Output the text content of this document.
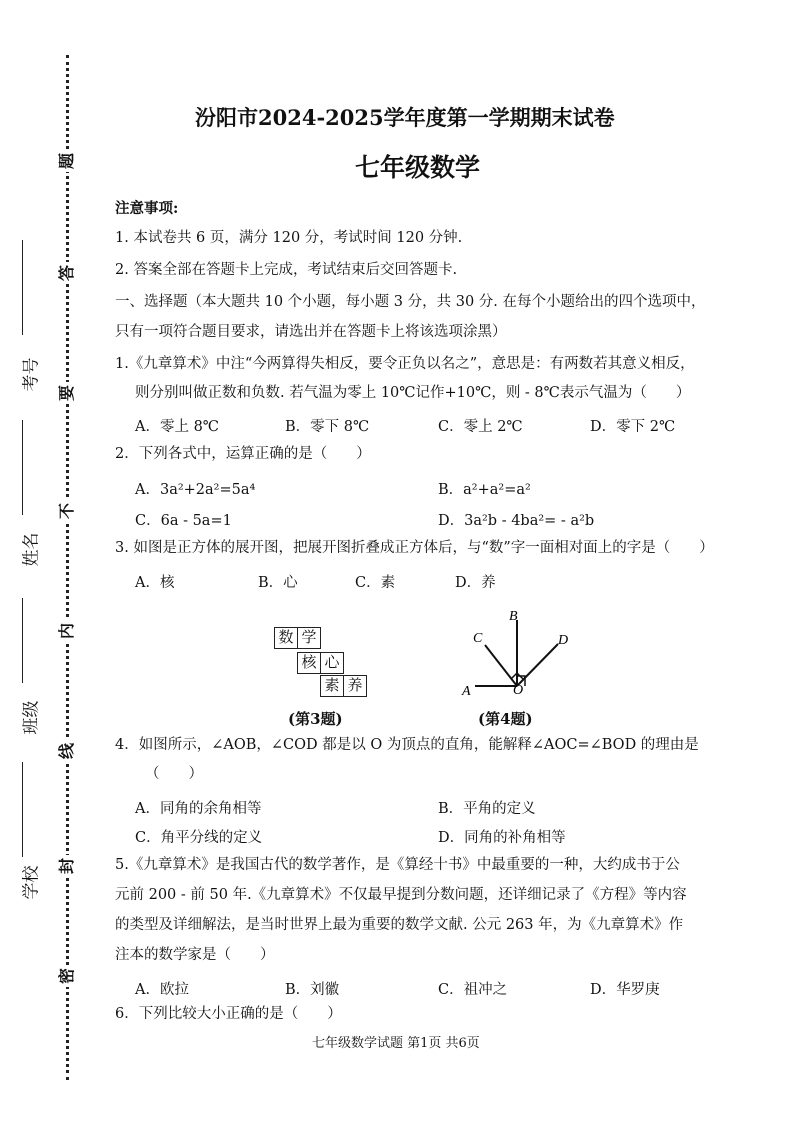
题
答
要
不
内
线
封
密
考号
姓名
班级
学校
汾阳市2024-2025学年度第一学期期末试卷
七年级数学
注意事项:
1. 本试卷共 6 页，满分 120 分，考试时间 120 分钟.
2. 答案全部在答题卡上完成，考试结束后交回答题卡.
一、选择题（本大题共 10 个小题，每小题 3 分，共 30 分. 在每个小题给出的四个选项中，
只有一项符合题目要求，请选出并在答题卡上将该选项涂黑）
1.《九章算术》中注“今两算得失相反，要令正负以名之”，意思是：有两数若其意义相反，
则分别叫做正数和负数. 若气温为零上 10℃记作+10℃，则 - 8℃表示气温为（　　）
A．零上 8℃	B．零下 8℃	C．零上 2℃	D．零下 2℃
2．下列各式中，运算正确的是（　　）
A．3a²+2a²=5a⁴	B．a²+a²=a²
C．6a - 5a=1	D．3a²b - 4ba²= - a²b
3. 如图是正方体的展开图，把展开图折叠成正方体后，与“数”字一面相对面上的字是（　　）
A．核	B．心	C．素	D．养
数 学
核 心
素 养
(第3题)
A
B
C	D
O
(第4题)
4．如图所示，∠AOB，∠COD 都是以 O 为顶点的直角，能解释∠AOC=∠BOD 的理由是
（　　）
A．同角的余角相等	B．平角的定义
C．角平分线的定义	D．同角的补角相等
5.《九章算术》是我国古代的数学著作，是《算经十书》中最重要的一种，大约成书于公
元前 200 - 前 50 年.《九章算术》不仅最早提到分数问题，还详细记录了《方程》等内容
的类型及详细解法，是当时世界上最为重要的数学文献. 公元 263 年，为《九章算术》作
注本的数学家是（　　）
A．欧拉	B．刘徽	C．祖冲之	D．华罗庚
6．下列比较大小正确的是（　　）
七年级数学试题 第1页 共6页
